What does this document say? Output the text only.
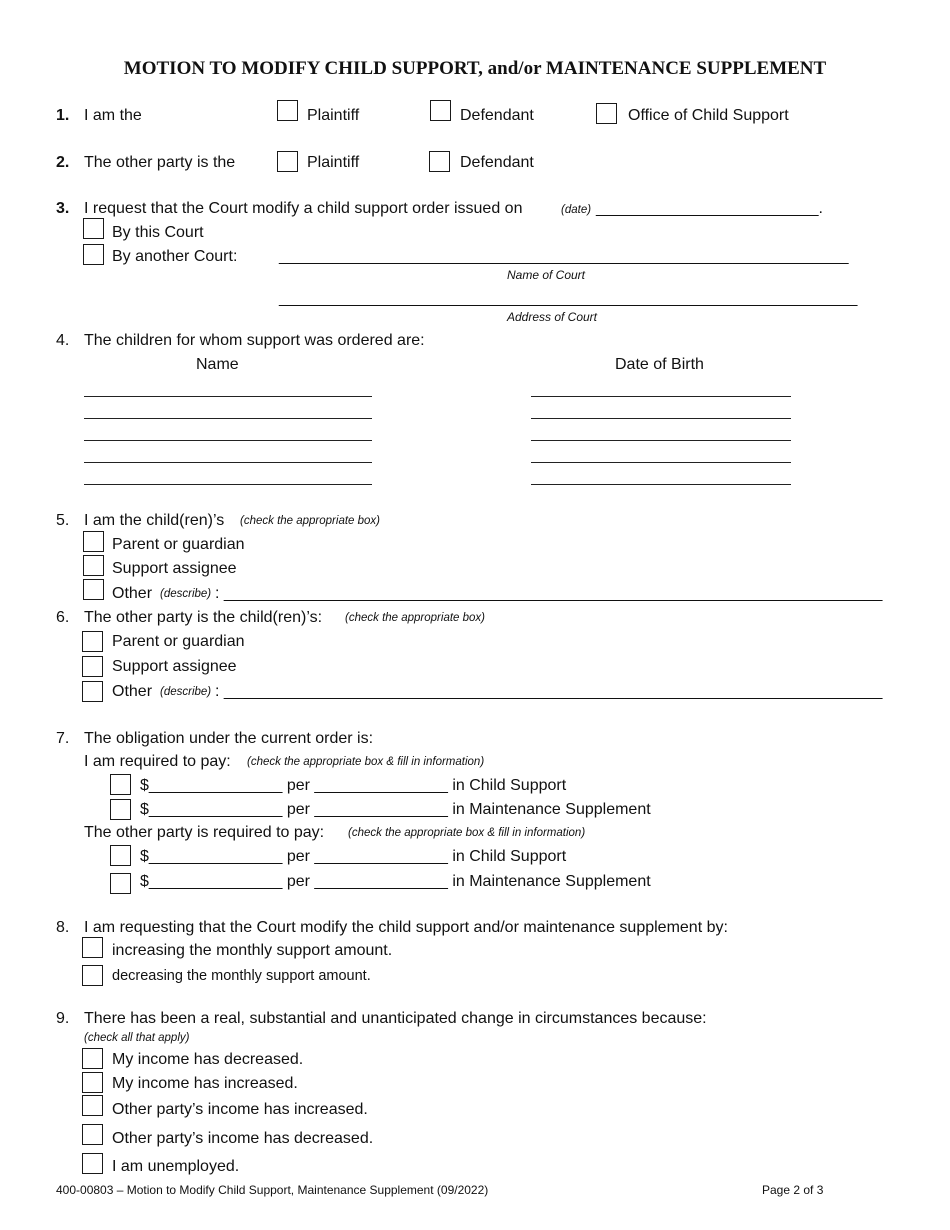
MOTION TO MODIFY CHILD SUPPORT, and/or MAINTENANCE SUPPLEMENT
1. I am the	Plaintiff	Defendant	Office of Child Support
2. The other party is the	Plaintiff	Defendant
3. I request that the Court modify a child support order issued on	(date) _________________________.
By this Court
By another Court:	________________________________________________________________
Name of Court
_________________________________________________________________
Address of Court
4. The children for whom support was ordered are:
Name	Date of Birth
5. I am the child(ren)’s (check the appropriate box)
Parent or guardian
Support assignee
Other (describe) : __________________________________________________________________________
6. The other party is the child(ren)’s: (check the appropriate box)
Parent or guardian
Support assignee
Other (describe) : __________________________________________________________________________
7. The obligation under the current order is:
I am required to pay: (check the appropriate box & fill in information)
$_______________ per _______________ in Child Support
$_______________ per _______________ in Maintenance Supplement
The other party is required to pay: (check the appropriate box & fill in information)
$_______________ per _______________ in Child Support
$_______________ per _______________ in Maintenance Supplement
8. I am requesting that the Court modify the child support and/or maintenance supplement by:
increasing the monthly support amount.
decreasing the monthly support amount.
9. There has been a real, substantial and unanticipated change in circumstances because:
(check all that apply)
My income has decreased.
My income has increased.
Other party’s income has increased.
Other party’s income has decreased.
I am unemployed.
400-00803 – Motion to Modify Child Support, Maintenance Supplement (09/2022)	Page 2 of 3
